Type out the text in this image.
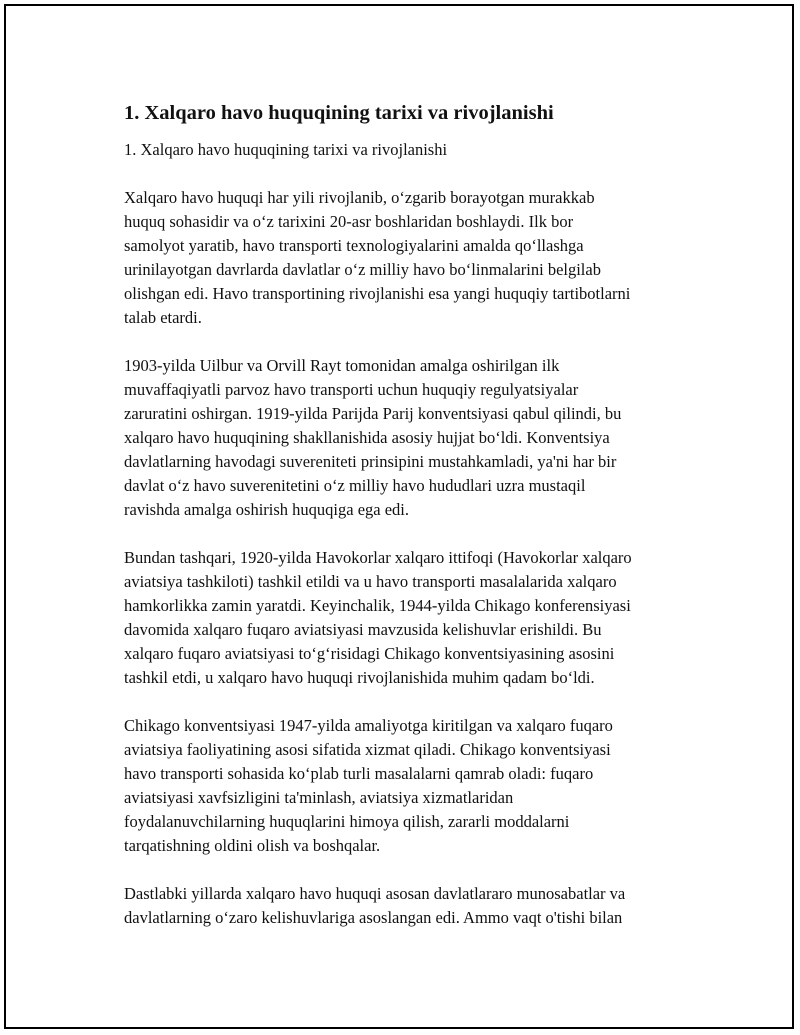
1. Xalqaro havo huquqining tarixi va rivojlanishi
1. Xalqaro havo huquqining tarixi va rivojlanishi

Xalqaro havo huquqi har yili rivojlanib, oʻzgarib borayotgan murakkab
huquq sohasidir va oʻz tarixini 20-asr boshlaridan boshlaydi. Ilk bor
samolyot yaratib, havo transporti texnologiyalarini amalda qoʻllashga
urinilayotgan davrlarda davlatlar oʻz milliy havo boʻlinmalarini belgilab
olishgan edi. Havo transportining rivojlanishi esa yangi huquqiy tartibotlarni
talab etardi.

1903-yilda Uilbur va Orvill Rayt tomonidan amalga oshirilgan ilk
muvaffaqiyatli parvoz havo transporti uchun huquqiy regulyatsiyalar
zaruratini oshirgan. 1919-yilda Parijda Parij konventsiyasi qabul qilindi, bu
xalqaro havo huquqining shakllanishida asosiy hujjat boʻldi. Konventsiya
davlatlarning havodagi suvereniteti prinsipini mustahkamladi, ya'ni har bir
davlat oʻz havo suverenitetini oʻz milliy havo hududlari uzra mustaqil
ravishda amalga oshirish huquqiga ega edi.

Bundan tashqari, 1920-yilda Havokorlar xalqaro ittifoqi (Havokorlar xalqaro
aviatsiya tashkiloti) tashkil etildi va u havo transporti masalalarida xalqaro
hamkorlikka zamin yaratdi. Keyinchalik, 1944-yilda Chikago konferensiyasi
davomida xalqaro fuqaro aviatsiyasi mavzusida kelishuvlar erishildi. Bu
xalqaro fuqaro aviatsiyasi toʻgʻrisidagi Chikago konventsiyasining asosini
tashkil etdi, u xalqaro havo huquqi rivojlanishida muhim qadam boʻldi.

Chikago konventsiyasi 1947-yilda amaliyotga kiritilgan va xalqaro fuqaro
aviatsiya faoliyatining asosi sifatida xizmat qiladi. Chikago konventsiyasi
havo transporti sohasida koʻplab turli masalalarni qamrab oladi: fuqaro
aviatsiyasi xavfsizligini ta'minlash, aviatsiya xizmatlaridan
foydalanuvchilarning huquqlarini himoya qilish, zararli moddalarni
tarqatishning oldini olish va boshqalar.

Dastlabki yillarda xalqaro havo huquqi asosan davlatlararo munosabatlar va
davlatlarning oʻzaro kelishuvlariga asoslangan edi. Ammo vaqt o'tishi bilan
